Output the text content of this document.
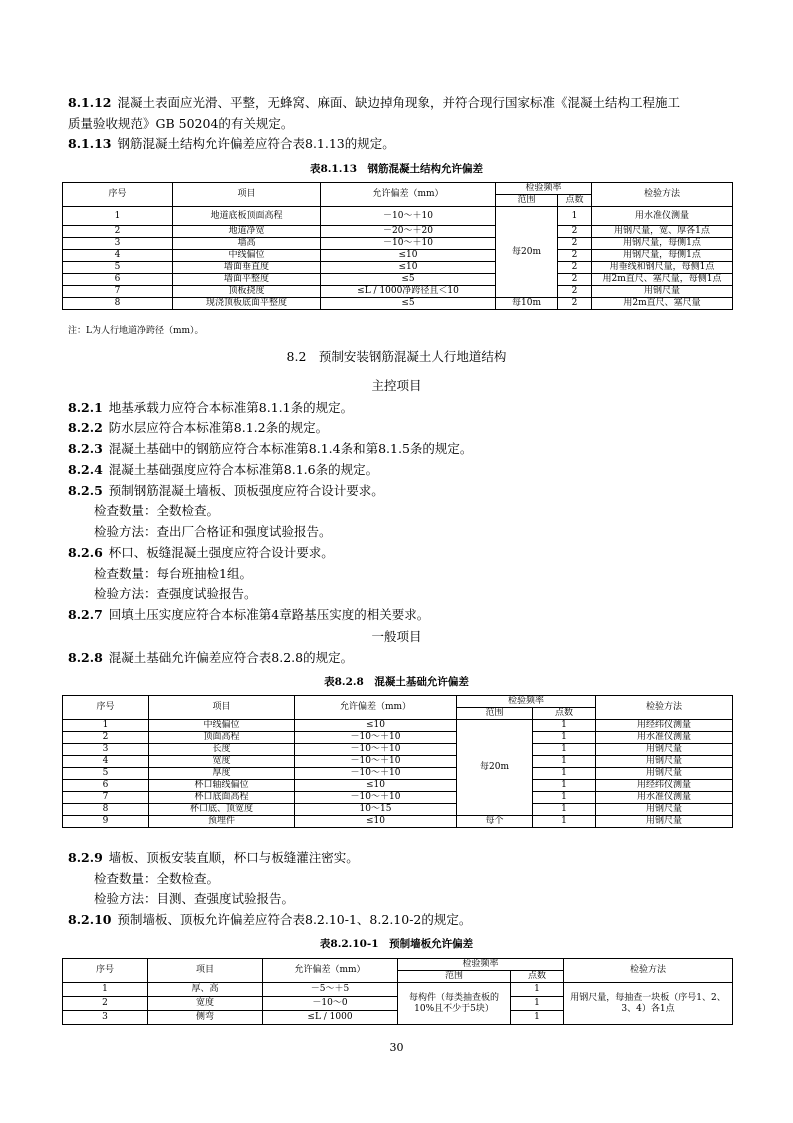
8.1.12 混凝土表面应光滑、平整，无蜂窝、麻面、缺边掉角现象，并符合现行国家标准《混凝土结构工程施工
质量验收规范》GB 50204的有关规定。
8.1.13 钢筋混凝土结构允许偏差应符合表8.1.13的规定。
表8.1.13　钢筋混凝土结构允许偏差
序号	项目	允许偏差（mm）	检验频率		检验方法
			范围	点数	
1	地道底板顶面高程	－10～＋10	每20m	1	用水准仪测量
2	地道净宽	－20～＋20		2	用钢尺量，宽、厚各1点
3	墙高	－10～＋10		2	用钢尺量，每侧1点
4	中线偏位	≤10		2	用钢尺量，每侧1点
5	墙面垂直度	≤10		2	用垂线和钢尺量，每侧1点
6	墙面平整度	≤5		2	用2m直尺、塞尺量，每侧1点
7	顶板挠度	≤L / 1000净跨径且＜10		2	用钢尺量
8	现浇顶板底面平整度	≤5	每10m	2	用2m直尺、塞尺量
注：L为人行地道净跨径（mm）。
8.2　预制安装钢筋混凝土人行地道结构
主控项目
8.2.1 地基承载力应符合本标准第8.1.1条的规定。
8.2.2 防水层应符合本标准第8.1.2条的规定。
8.2.3 混凝土基础中的钢筋应符合本标准第8.1.4条和第8.1.5条的规定。
8.2.4 混凝土基础强度应符合本标准第8.1.6条的规定。
8.2.5 预制钢筋混凝土墙板、顶板强度应符合设计要求。
检查数量：全数检查。
检验方法：查出厂合格证和强度试验报告。
8.2.6 杯口、板缝混凝土强度应符合设计要求。
检查数量：每台班抽检1组。
检验方法：查强度试验报告。
8.2.7 回填土压实度应符合本标准第4章路基压实度的相关要求。
一般项目
8.2.8 混凝土基础允许偏差应符合表8.2.8的规定。
表8.2.8　混凝土基础允许偏差
序号	项目	允许偏差（mm）	检验频率		检验方法
			范围	点数	
1	中线偏位	≤10	每20m	1	用经纬仪测量
2	顶面高程	－10～＋10		1	用水准仪测量
3	长度	－10～＋10		1	用钢尺量
4	宽度	－10～＋10		1	用钢尺量
5	厚度	－10～＋10		1	用钢尺量
6	杯口轴线偏位	≤10		1	用经纬仪测量
7	杯口底面高程	－10～＋10		1	用水准仪测量
8	杯口底、顶宽度	10～15		1	用钢尺量
9	预埋件	≤10	每个	1	用钢尺量
8.2.9 墙板、顶板安装直顺，杯口与板缝灌注密实。
检查数量：全数检查。
检验方法：目测、查强度试验报告。
8.2.10 预制墙板、顶板允许偏差应符合表8.2.10-1、8.2.10-2的规定。
表8.2.10-1　预制墙板允许偏差
序号	项目	允许偏差（mm）	检验频率		检验方法
			范围	点数	
1	厚、高	－5～＋5	每构件（每类抽查板的10%且不少于5块）	1	用钢尺量，每抽查一块板（序号1、2、3、4）各1点
2	宽度	－10～0		1	
3	侧弯	≤L / 1000		1	
30
